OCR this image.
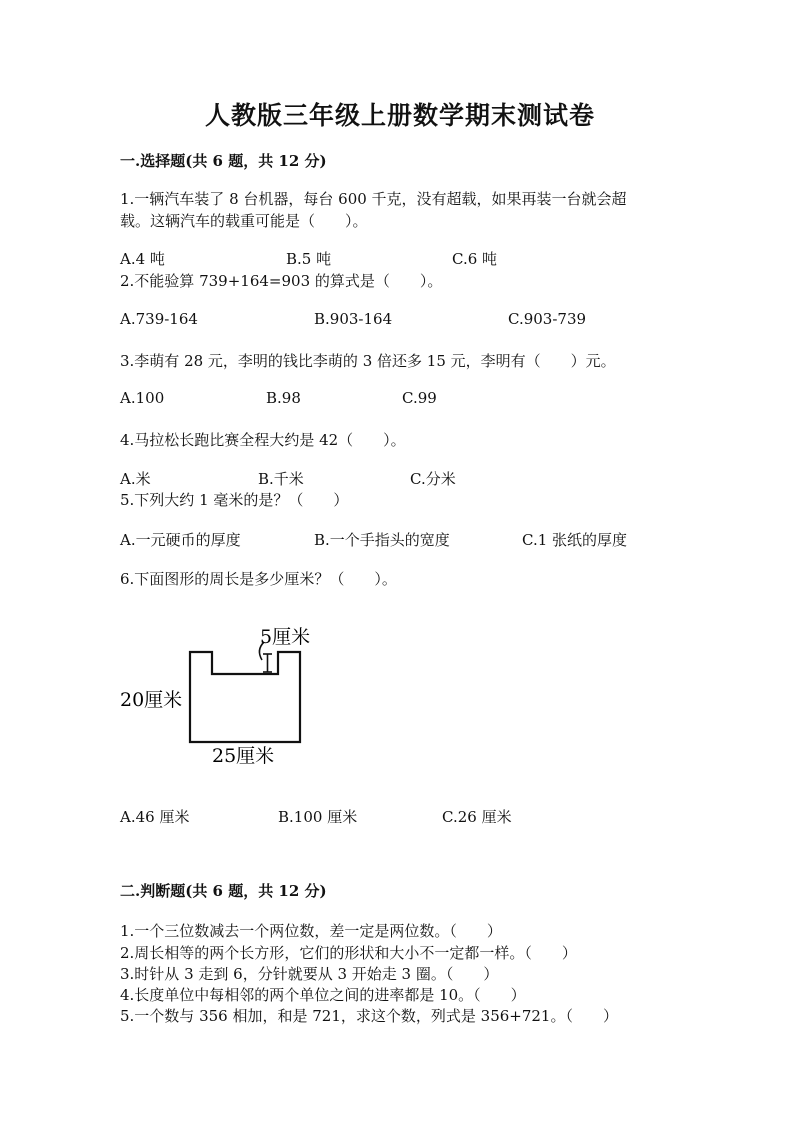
人教版三年级上册数学期末测试卷
一.选择题(共 6 题，共 12 分)
1.一辆汽车装了 8 台机器，每台 600 千克，没有超载，如果再装一台就会超
载。这辆汽车的载重可能是（　　）。
A.4 吨	B.5 吨	C.6 吨
2.不能验算 739+164=903 的算式是（　　）。
A.739-164	B.903-164	C.903-739
3.李萌有 28 元，李明的钱比李萌的 3 倍还多 15 元，李明有（　　）元。
A.100	B.98	C.99
4.马拉松长跑比赛全程大约是 42（　　）。
A.米	B.千米	C.分米
5.下列大约 1 毫米的是？（　　）
A.一元硬币的厚度	B.一个手指头的宽度	C.1 张纸的厚度
6.下面图形的周长是多少厘米？（　　）。
5厘米
20厘米
25厘米
A.46 厘米	B.100 厘米	C.26 厘米
二.判断题(共 6 题，共 12 分)
1.一个三位数减去一个两位数，差一定是两位数。（　　）
2.周长相等的两个长方形，它们的形状和大小不一定都一样。（　　）
3.时针从 3 走到 6，分针就要从 3 开始走 3 圈。（　　）
4.长度单位中每相邻的两个单位之间的进率都是 10。（　　）
5.一个数与 356 相加，和是 721，求这个数，列式是 356+721。（　　）
